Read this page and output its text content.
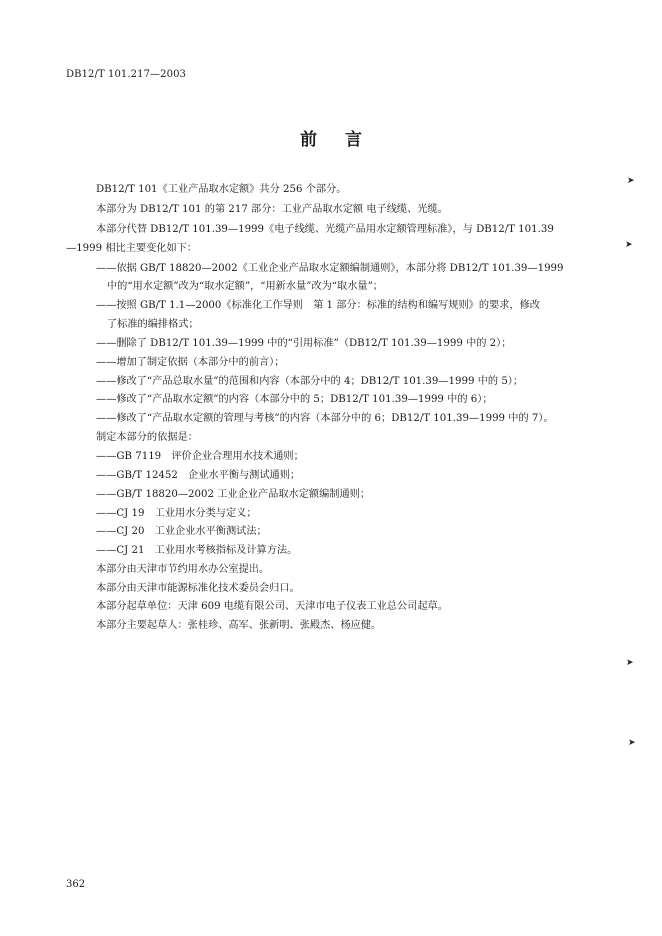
DB12/T 101.217—2003
前言
DB12/T 101《工业产品取水定额》共分 256 个部分。
本部分为 DB12/T 101 的第 217 部分：工业产品取水定额 电子线缆、光缆。
本部分代替 DB12/T 101.39—1999《电子线缆、光缆产品用水定额管理标准》，与 DB12/T 101.39
—1999 相比主要变化如下：
——依据 GB/T 18820—2002《工业企业产品取水定额编制通则》，本部分将 DB12/T 101.39—1999
中的“用水定额”改为“取水定额”，“用新水量”改为“取水量”；
——按照 GB/T 1.1—2000《标准化工作导则　第 1 部分：标准的结构和编写规则》的要求，修改
了标准的编排格式；
——删除了 DB12/T 101.39—1999 中的“引用标准”（DB12/T 101.39—1999 中的 2）；
——增加了制定依据（本部分中的前言）；
——修改了“产品总取水量”的范围和内容（本部分中的 4；DB12/T 101.39—1999 中的 5）；
——修改了“产品取水定额”的内容（本部分中的 5；DB12/T 101.39—1999 中的 6）；
——修改了“产品取水定额的管理与考核”的内容（本部分中的 6；DB12/T 101.39—1999 中的 7）。
制定本部分的依据是：
——GB 7119　评价企业合理用水技术通则；
——GB/T 12452　企业水平衡与测试通则；
——GB/T 18820—2002 工业企业产品取水定额编制通则；
——CJ 19　工业用水分类与定义；
——CJ 20　工业企业水平衡测试法；
——CJ 21　工业用水考核指标及计算方法。
本部分由天津市节约用水办公室提出。
本部分由天津市能源标准化技术委员会归口。
本部分起草单位：天津 609 电缆有限公司、天津市电子仪表工业总公司起草。
本部分主要起草人：张桂珍、高军、张新明、张殿杰、杨应健。
362
➤
➤
➤
➤
